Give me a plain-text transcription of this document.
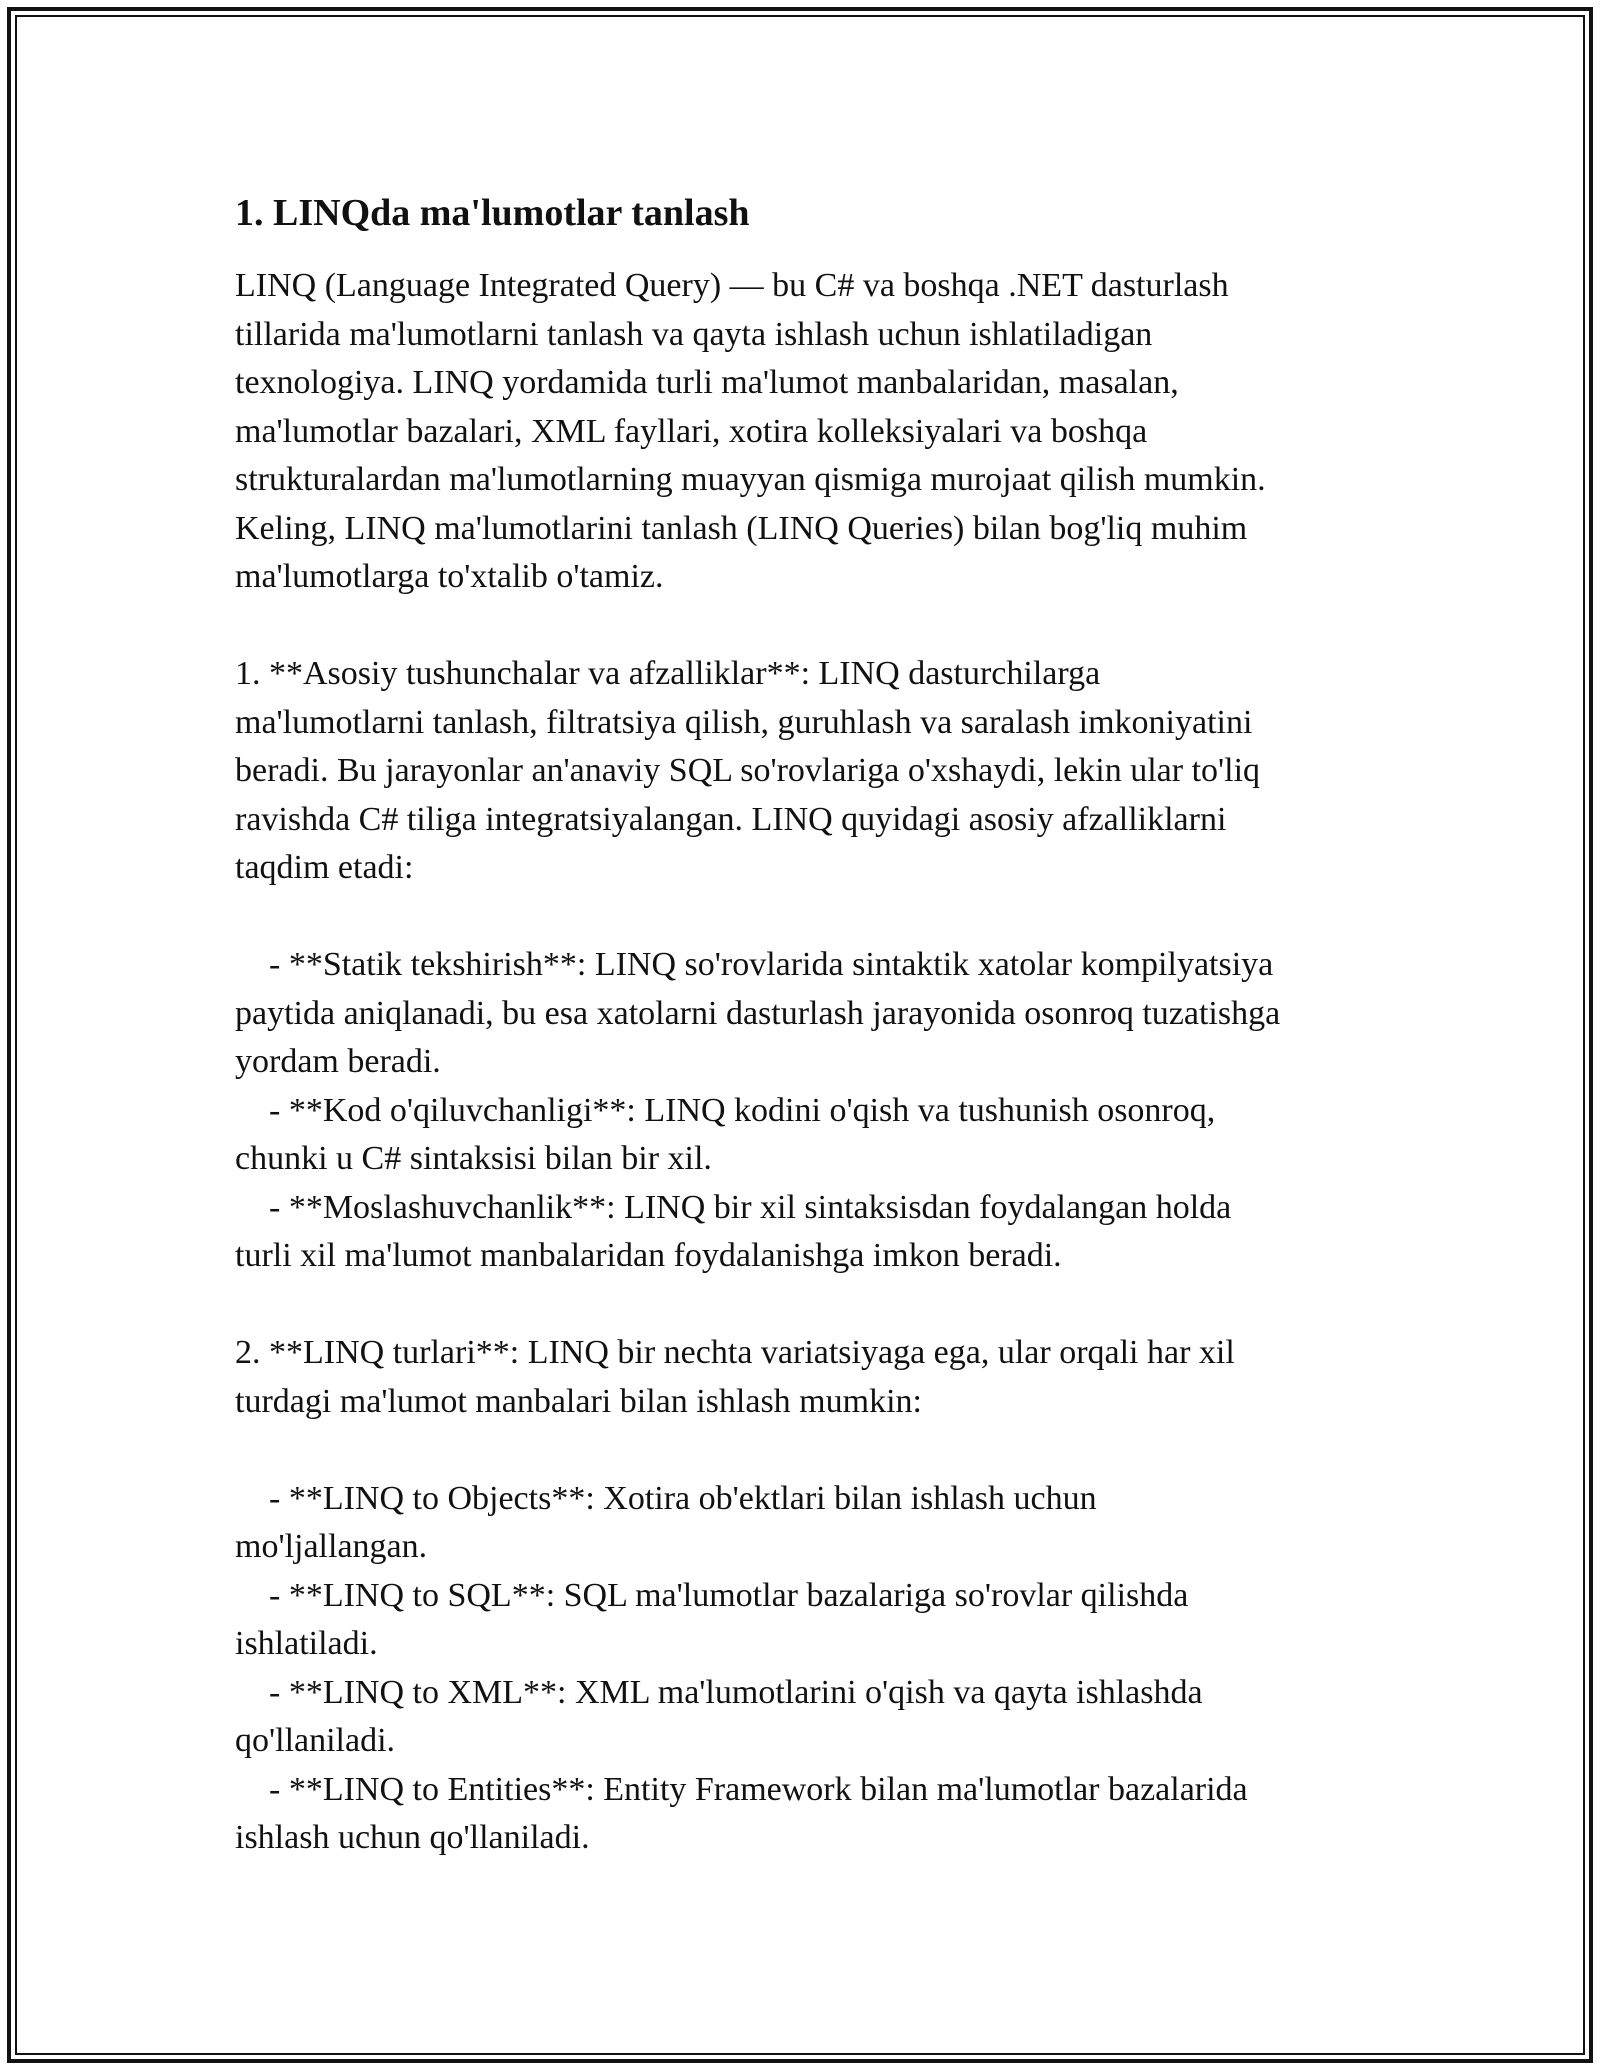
1. LINQda ma'lumotlar tanlash
LINQ (Language Integrated Query) — bu C# va boshqa .NET dasturlash
tillarida ma'lumotlarni tanlash va qayta ishlash uchun ishlatiladigan
texnologiya. LINQ yordamida turli ma'lumot manbalaridan, masalan,
ma'lumotlar bazalari, XML fayllari, xotira kolleksiyalari va boshqa
strukturalardan ma'lumotlarning muayyan qismiga murojaat qilish mumkin.
Keling, LINQ ma'lumotlarini tanlash (LINQ Queries) bilan bog'liq muhim
ma'lumotlarga to'xtalib o'tamiz.
1. **Asosiy tushunchalar va afzalliklar**: LINQ dasturchilarga
ma'lumotlarni tanlash, filtratsiya qilish, guruhlash va saralash imkoniyatini
beradi. Bu jarayonlar an'anaviy SQL so'rovlariga o'xshaydi, lekin ular to'liq
ravishda C# tiliga integratsiyalangan. LINQ quyidagi asosiy afzalliklarni
taqdim etadi:
- **Statik tekshirish**: LINQ so'rovlarida sintaktik xatolar kompilyatsiya
paytida aniqlanadi, bu esa xatolarni dasturlash jarayonida osonroq tuzatishga
yordam beradi.
- **Kod o'qiluvchanligi**: LINQ kodini o'qish va tushunish osonroq,
chunki u C# sintaksisi bilan bir xil.
- **Moslashuvchanlik**: LINQ bir xil sintaksisdan foydalangan holda
turli xil ma'lumot manbalaridan foydalanishga imkon beradi.
2. **LINQ turlari**: LINQ bir nechta variatsiyaga ega, ular orqali har xil
turdagi ma'lumot manbalari bilan ishlash mumkin:
- **LINQ to Objects**: Xotira ob'ektlari bilan ishlash uchun
mo'ljallangan.
- **LINQ to SQL**: SQL ma'lumotlar bazalariga so'rovlar qilishda
ishlatiladi.
- **LINQ to XML**: XML ma'lumotlarini o'qish va qayta ishlashda
qo'llaniladi.
- **LINQ to Entities**: Entity Framework bilan ma'lumotlar bazalarida
ishlash uchun qo'llaniladi.
